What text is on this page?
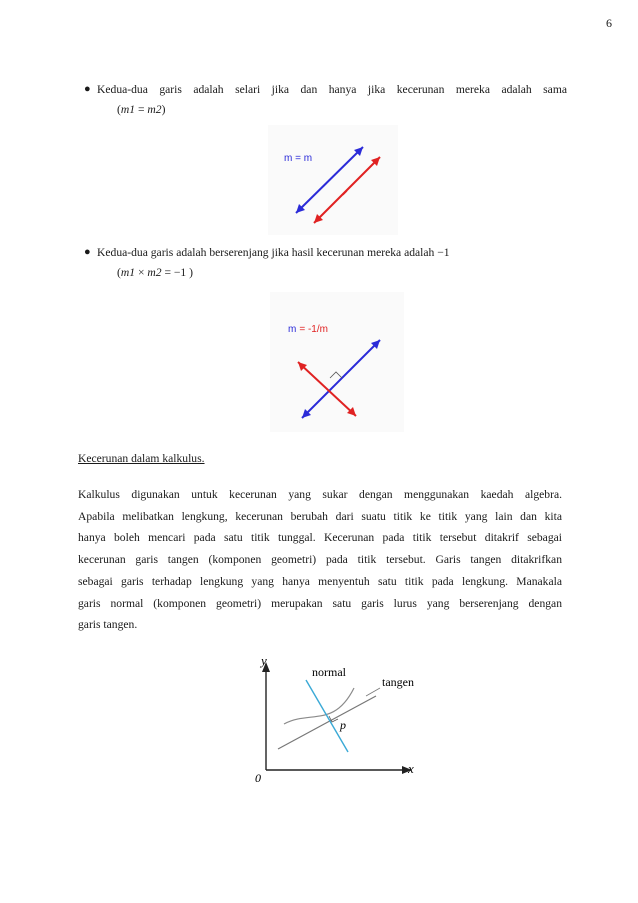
6
● Kedua-dua garis adalah selari jika dan hanya jika kecerunan mereka adalah sama
(m1 = m2)
m = m
● Kedua-dua garis adalah berserenjang jika hasil kecerunan mereka adalah −1
(m1 × m2 = −1 )
m = -1/m
Kecerunan dalam kalkulus.
Kalkulus digunakan untuk kecerunan yang sukar dengan menggunakan kaedah algebra.
Apabila melibatkan lengkung, kecerunan berubah dari suatu titik ke titik yang lain dan kita
hanya boleh mencari pada satu titik tunggal. Kecerunan pada titik tersebut ditakrif sebagai
kecerunan garis tangen (komponen geometri) pada titik tersebut. Garis tangen ditakrifkan
sebagai garis terhadap lengkung yang hanya menyentuh satu titik pada lengkung. Manakala
garis normal (komponen geometri) merupakan satu garis lurus yang berserenjang dengan
garis tangen.
y
x
0
normal
tangen
p
